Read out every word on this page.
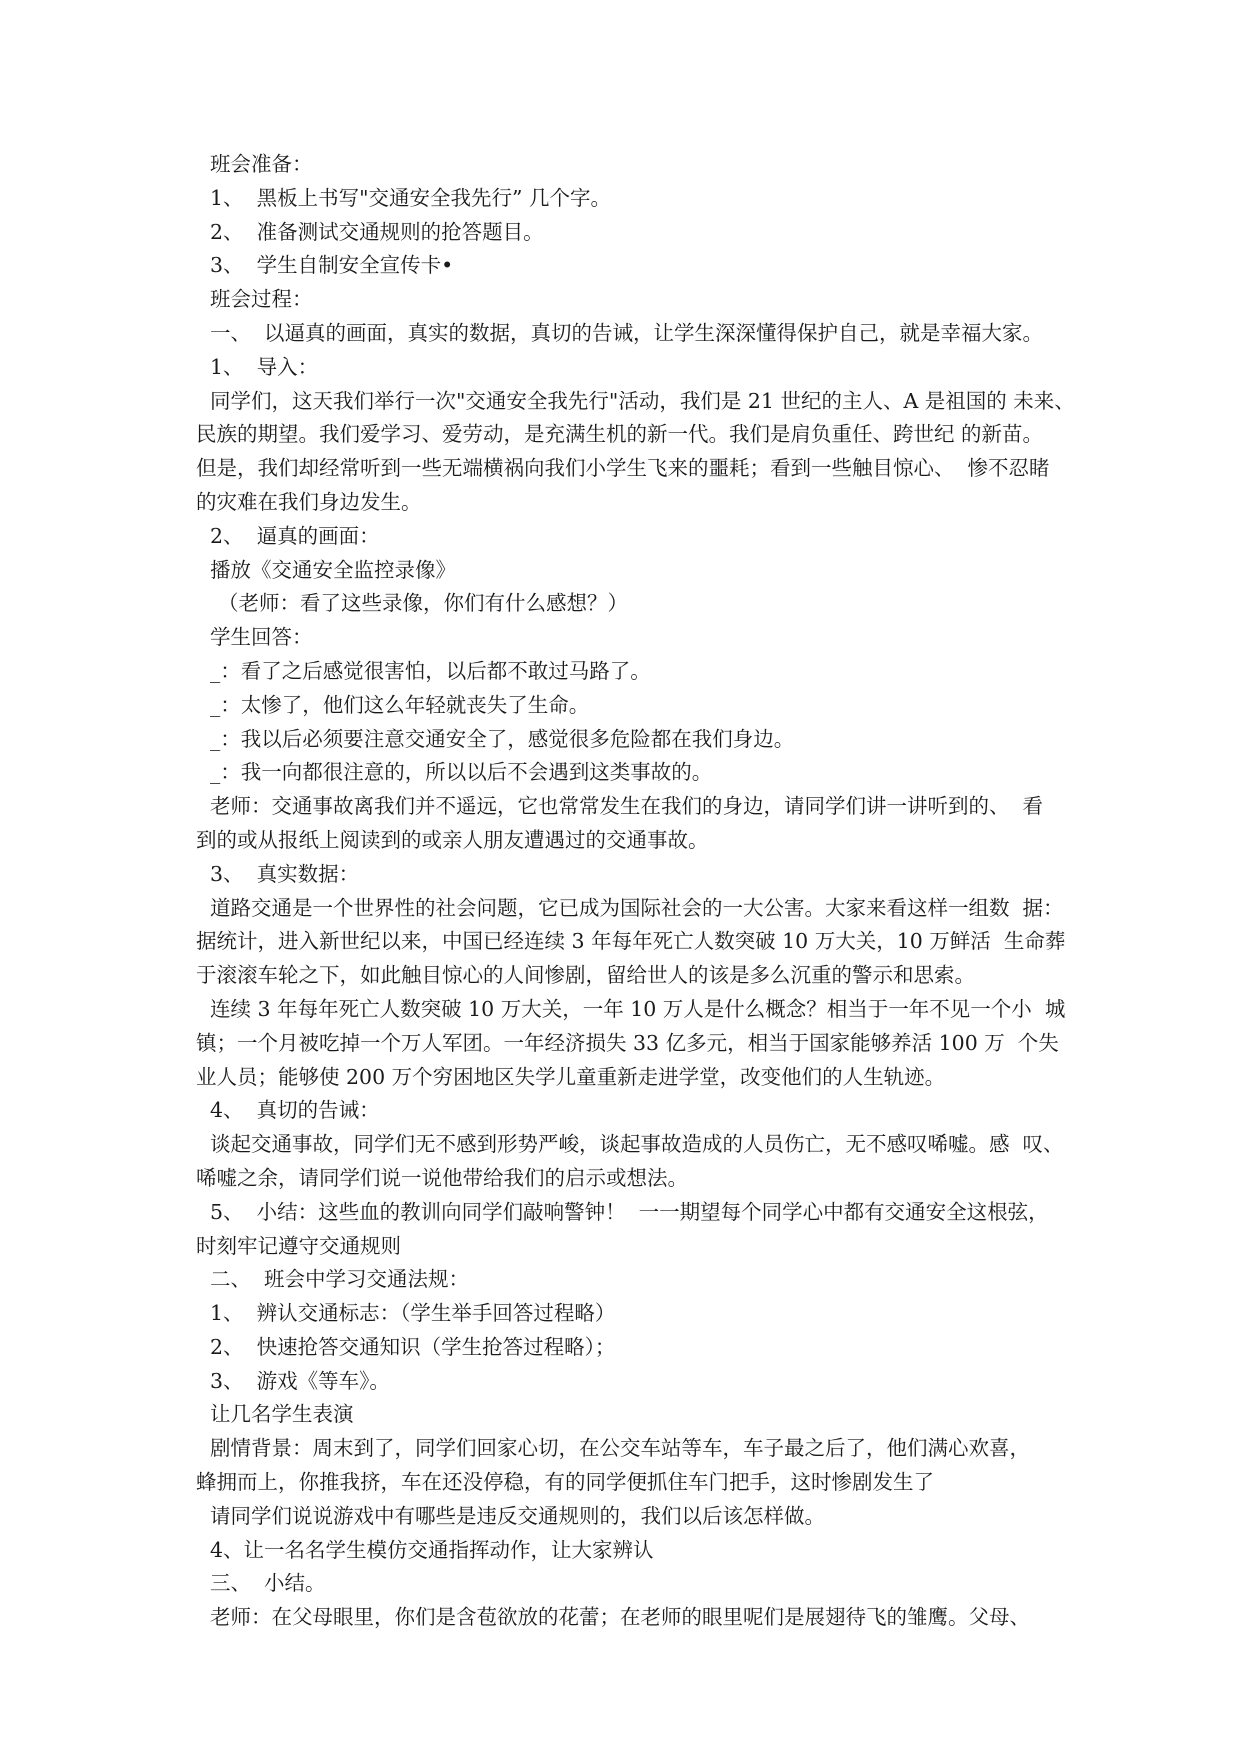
班会准备：
1、  黑板上书写"交通安全我先行” 几个字。
2、  准备测试交通规则的抢答题目。
3、  学生自制安全宣传卡•
班会过程：
一、  以逼真的画面，真实的数据，真切的告诫，让学生深深懂得保护自己，就是幸福大家。
1、  导入：
同学们，这天我们举行一次"交通安全我先行"活动，我们是 21 世纪的主人、A 是祖国的 未来、
民族的期望。我们爱学习、爱劳动，是充满生机的新一代。我们是肩负重任、跨世纪 的新苗。
但是，我们却经常听到一些无端横祸向我们小学生飞来的噩耗；看到一些触目惊心、  惨不忍睹
的灾难在我们身边发生。
2、  逼真的画面：
播放《交通安全监控录像》
（老师：看了这些录像，你们有什么感想？）
学生回答：
_：看了之后感觉很害怕，以后都不敢过马路了。
_：太惨了，他们这么年轻就丧失了生命。
_：我以后必须要注意交通安全了，感觉很多危险都在我们身边。
_：我一向都很注意的，所以以后不会遇到这类事故的。
老师：交通事故离我们并不遥远，它也常常发生在我们的身边，请同学们讲一讲听到的、  看
到的或从报纸上阅读到的或亲人朋友遭遇过的交通事故。
3、  真实数据：
道路交通是一个世界性的社会问题，它已成为国际社会的一大公害。大家来看这样一组数  据：
据统计，进入新世纪以来，中国已经连续 3 年每年死亡人数突破 10 万大关，10 万鲜活  生命葬
于滚滚车轮之下，如此触目惊心的人间惨剧，留给世人的该是多么沉重的警示和思索。
连续 3 年每年死亡人数突破 10 万大关，一年 10 万人是什么概念？相当于一年不见一个小  城
镇；一个月被吃掉一个万人军团。一年经济损失 33 亿多元，相当于国家能够养活 100 万  个失
业人员；能够使 200 万个穷困地区失学儿童重新走进学堂，改变他们的人生轨迹。
4、  真切的告诫：
谈起交通事故，同学们无不感到形势严峻，谈起事故造成的人员伤亡，无不感叹唏嘘。感  叹、
唏嘘之余，请同学们说一说他带给我们的启示或想法。
5、  小结：这些血的教训向同学们敲响警钟！  一一期望每个同学心中都有交通安全这根弦，
时刻牢记遵守交通规则
二、  班会中学习交通法规：
1、  辨认交通标志：（学生举手回答过程略）
2、  快速抢答交通知识（学生抢答过程略）；
3、  游戏《等车》。
让几名学生表演
剧情背景：周末到了，同学们回家心切，在公交车站等车，车子最之后了，他们满心欢喜，
蜂拥而上，你推我挤，车在还没停稳，有的同学便抓住车门把手，这时惨剧发生了
请同学们说说游戏中有哪些是违反交通规则的，我们以后该怎样做。
4、让一名名学生模仿交通指挥动作，让大家辨认
三、  小结。
老师：在父母眼里，你们是含苞欲放的花蕾；在老师的眼里呢们是展翅待飞的雏鹰。父母、
